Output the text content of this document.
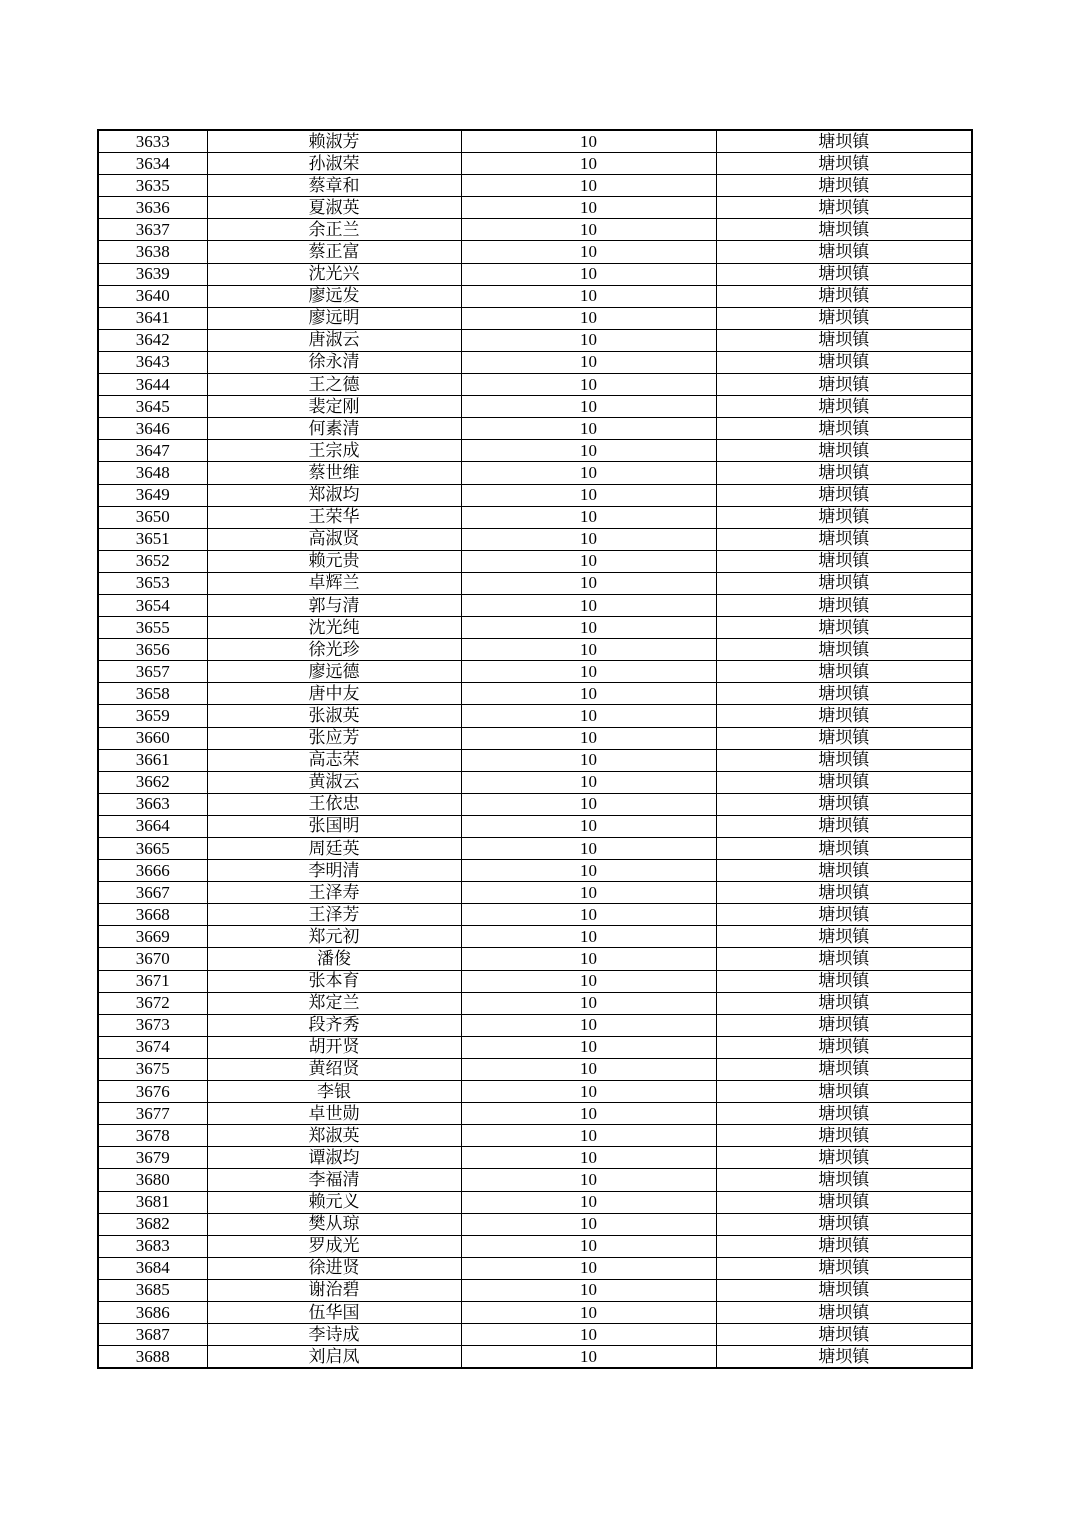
3633	赖淑芳	10	塘坝镇
3634	孙淑荣	10	塘坝镇
3635	蔡章和	10	塘坝镇
3636	夏淑英	10	塘坝镇
3637	余正兰	10	塘坝镇
3638	蔡正富	10	塘坝镇
3639	沈光兴	10	塘坝镇
3640	廖远发	10	塘坝镇
3641	廖远明	10	塘坝镇
3642	唐淑云	10	塘坝镇
3643	徐永清	10	塘坝镇
3644	王之德	10	塘坝镇
3645	裴定刚	10	塘坝镇
3646	何素清	10	塘坝镇
3647	王宗成	10	塘坝镇
3648	蔡世维	10	塘坝镇
3649	郑淑均	10	塘坝镇
3650	王荣华	10	塘坝镇
3651	高淑贤	10	塘坝镇
3652	赖元贵	10	塘坝镇
3653	卓辉兰	10	塘坝镇
3654	郭与清	10	塘坝镇
3655	沈光纯	10	塘坝镇
3656	徐光珍	10	塘坝镇
3657	廖远德	10	塘坝镇
3658	唐中友	10	塘坝镇
3659	张淑英	10	塘坝镇
3660	张应芳	10	塘坝镇
3661	高志荣	10	塘坝镇
3662	黄淑云	10	塘坝镇
3663	王依忠	10	塘坝镇
3664	张国明	10	塘坝镇
3665	周廷英	10	塘坝镇
3666	李明清	10	塘坝镇
3667	王泽寿	10	塘坝镇
3668	王泽芳	10	塘坝镇
3669	郑元初	10	塘坝镇
3670	潘俊	10	塘坝镇
3671	张本育	10	塘坝镇
3672	郑定兰	10	塘坝镇
3673	段齐秀	10	塘坝镇
3674	胡开贤	10	塘坝镇
3675	黄绍贤	10	塘坝镇
3676	李银	10	塘坝镇
3677	卓世勋	10	塘坝镇
3678	郑淑英	10	塘坝镇
3679	谭淑均	10	塘坝镇
3680	李福清	10	塘坝镇
3681	赖元义	10	塘坝镇
3682	樊从琼	10	塘坝镇
3683	罗成光	10	塘坝镇
3684	徐进贤	10	塘坝镇
3685	谢治碧	10	塘坝镇
3686	伍华国	10	塘坝镇
3687	李诗成	10	塘坝镇
3688	刘启凤	10	塘坝镇
